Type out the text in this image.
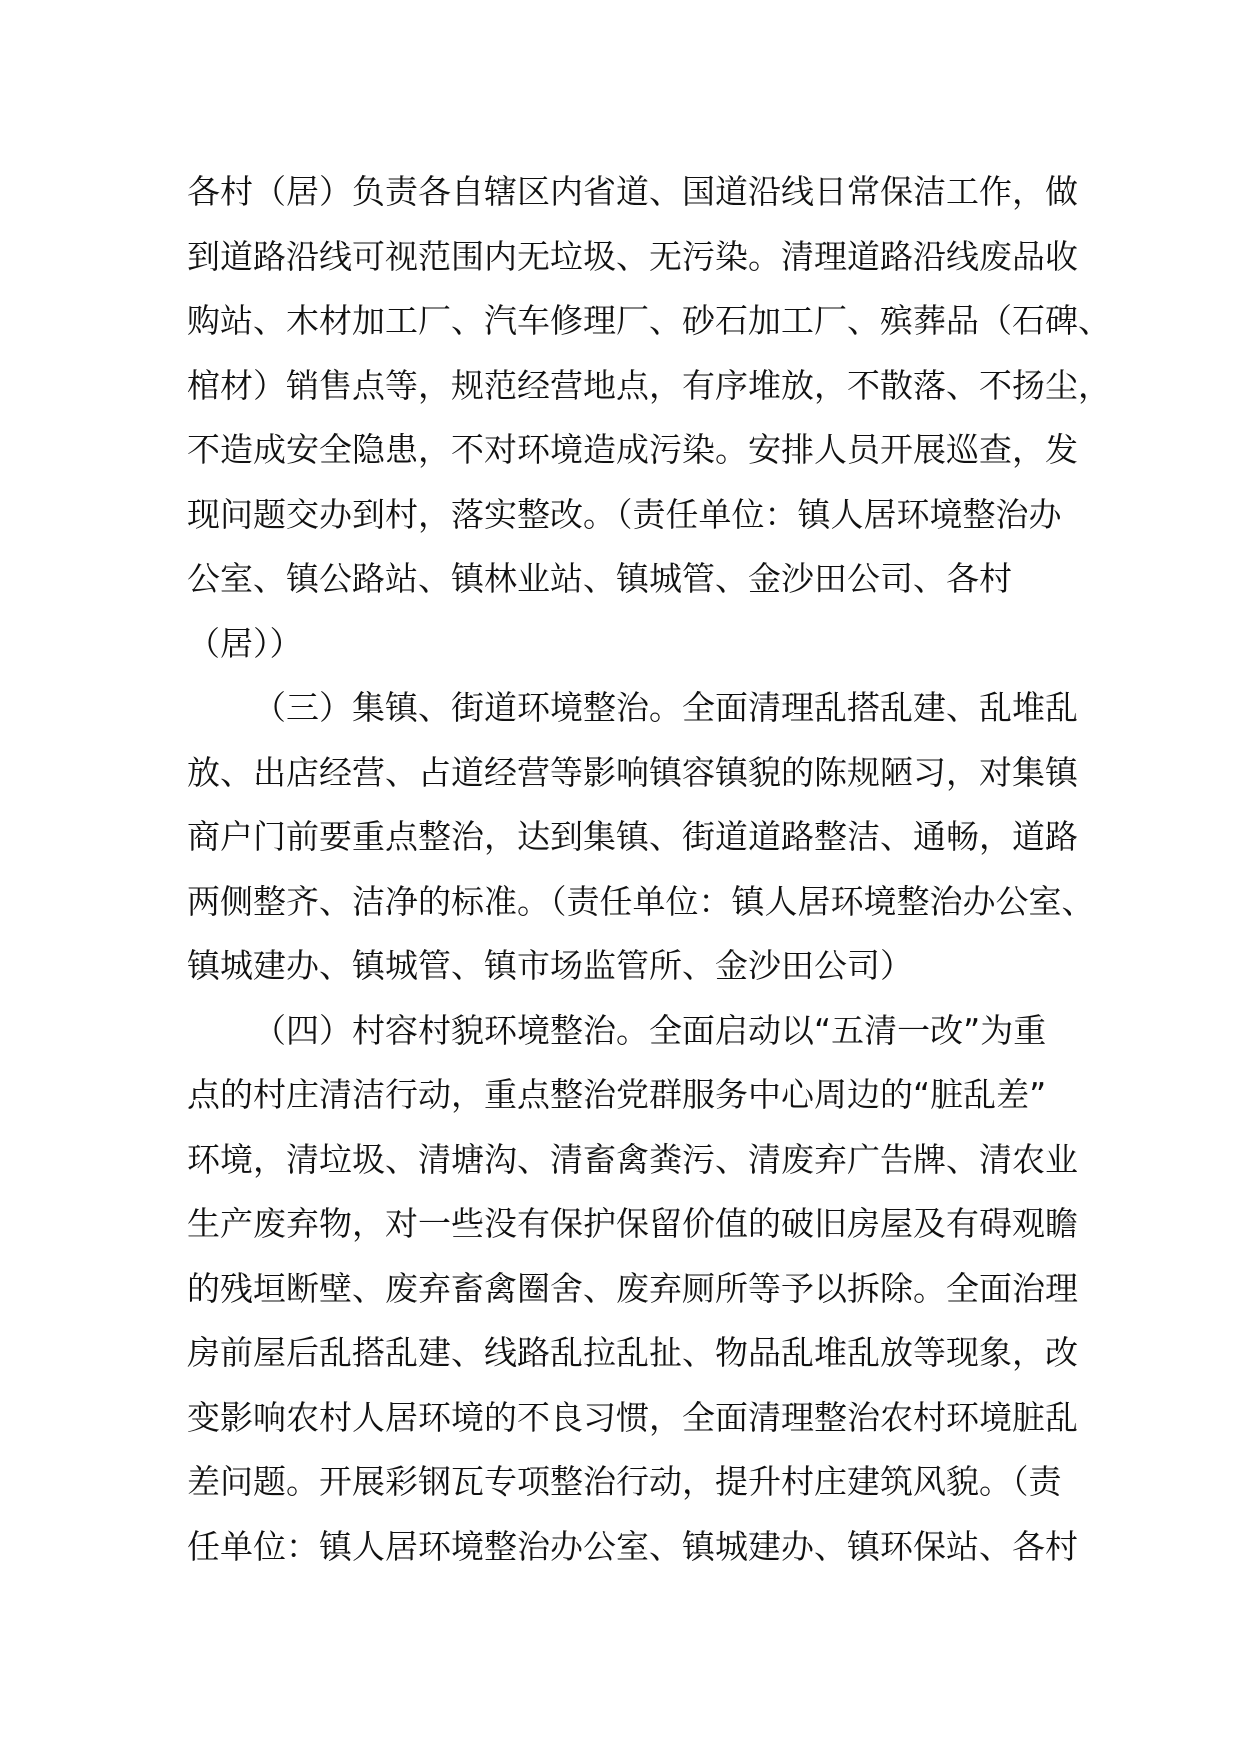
各村（居）负责各自辖区内省道、国道沿线日常保洁工作，做
到道路沿线可视范围内无垃圾、无污染。清理道路沿线废品收
购站、木材加工厂、汽车修理厂、砂石加工厂、殡葬品（石碑、
棺材）销售点等，规范经营地点，有序堆放，不散落、不扬尘，
不造成安全隐患，不对环境造成污染。安排人员开展巡查，发
现问题交办到村，落实整改。（责任单位：镇人居环境整治办
公室、镇公路站、镇林业站、镇城管、金沙田公司、各村
（居））

（三）集镇、街道环境整治。全面清理乱搭乱建、乱堆乱
放、出店经营、占道经营等影响镇容镇貌的陈规陋习，对集镇
商户门前要重点整治，达到集镇、街道道路整洁、通畅，道路
两侧整齐、洁净的标准。（责任单位：镇人居环境整治办公室、
镇城建办、镇城管、镇市场监管所、金沙田公司）

（四）村容村貌环境整治。全面启动以“五清一改”为重
点的村庄清洁行动，重点整治党群服务中心周边的“脏乱差”
环境，清垃圾、清塘沟、清畜禽粪污、清废弃广告牌、清农业
生产废弃物，对一些没有保护保留价值的破旧房屋及有碍观瞻
的残垣断壁、废弃畜禽圈舍、废弃厕所等予以拆除。全面治理
房前屋后乱搭乱建、线路乱拉乱扯、物品乱堆乱放等现象，改
变影响农村人居环境的不良习惯，全面清理整治农村环境脏乱
差问题。开展彩钢瓦专项整治行动，提升村庄建筑风貌。（责
任单位：镇人居环境整治办公室、镇城建办、镇环保站、各村
